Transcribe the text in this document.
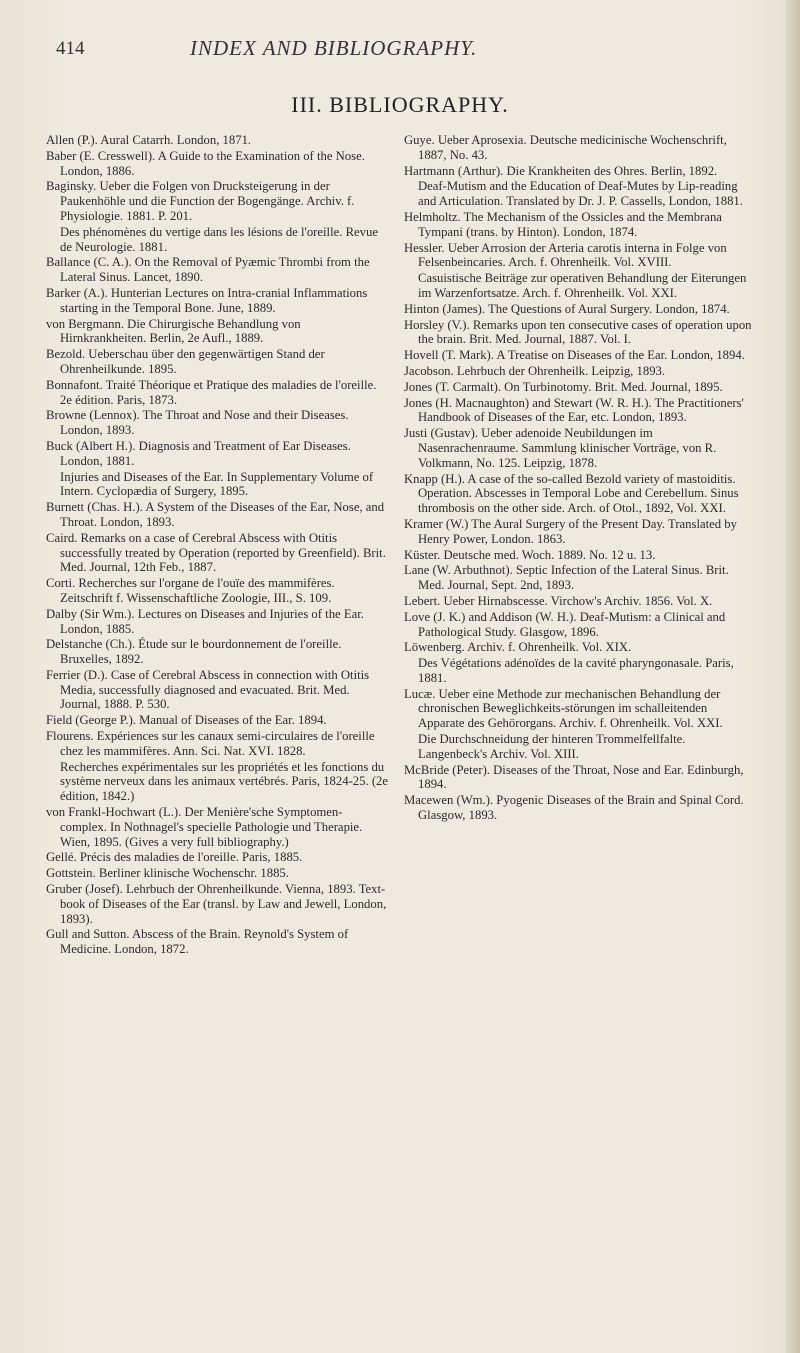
414	INDEX AND BIBLIOGRAPHY.
III. BIBLIOGRAPHY.
Allen (P.). Aural Catarrh. London, 1871.
Baber (E. Cresswell). A Guide to the Examination of the Nose. London, 1886.
Baginsky. Ueber die Folgen von Drucksteigerung in der Paukenhöhle und die Function der Bogengänge. Archiv. f. Physiologie. 1881. P. 201.
Des phénomènes du vertige dans les lésions de l'oreille. Revue de Neurologie. 1881.
Ballance (C. A.). On the Removal of Pyæmic Thrombi from the Lateral Sinus. Lancet, 1890.
Barker (A.). Hunterian Lectures on Intra-cranial Inflammations starting in the Temporal Bone. June, 1889.
von Bergmann. Die Chirurgische Behandlung von Hirnkrankheiten. Berlin, 2e Aufl., 1889.
Bezold. Ueberschau über den gegenwärtigen Stand der Ohrenheilkunde. 1895.
Bonnafont. Traité Théorique et Pratique des maladies de l'oreille. 2e édition. Paris, 1873.
Browne (Lennox). The Throat and Nose and their Diseases. London, 1893.
Buck (Albert H.). Diagnosis and Treatment of Ear Diseases. London, 1881.
Injuries and Diseases of the Ear. In Supplementary Volume of Intern. Cyclopædia of Surgery, 1895.
Burnett (Chas. H.). A System of the Diseases of the Ear, Nose, and Throat. London, 1893.
Caird. Remarks on a case of Cerebral Abscess with Otitis successfully treated by Operation (reported by Greenfield). Brit. Med. Journal, 12th Feb., 1887.
Corti. Recherches sur l'organe de l'ouïe des mammifères. Zeitschrift f. Wissenschaftliche Zoologie, III., S. 109.
Dalby (Sir Wm.). Lectures on Diseases and Injuries of the Ear. London, 1885.
Delstanche (Ch.). Étude sur le bourdonnement de l'oreille. Bruxelles, 1892.
Ferrier (D.). Case of Cerebral Abscess in connection with Otitis Media, successfully diagnosed and evacuated. Brit. Med. Journal, 1888. P. 530.
Field (George P.). Manual of Diseases of the Ear. 1894.
Flourens. Expériences sur les canaux semi-circulaires de l'oreille chez les mammifères. Ann. Sci. Nat. XVI. 1828.
Recherches expérimentales sur les propriétés et les fonctions du système nerveux dans les animaux vertébrés. Paris, 1824-25. (2e édition, 1842.)
von Frankl-Hochwart (L.). Der Menière'sche Symptomen-complex. In Nothnagel's specielle Pathologie und Therapie. Wien, 1895. (Gives a very full bibliography.)
Gellé. Précis des maladies de l'oreille. Paris, 1885.
Gottstein. Berliner klinische Wochenschr. 1885.
Gruber (Josef). Lehrbuch der Ohrenheilkunde. Vienna, 1893. Text-book of Diseases of the Ear (transl. by Law and Jewell, London, 1893).
Gull and Sutton. Abscess of the Brain. Reynold's System of Medicine. London, 1872.
Guye. Ueber Aprosexia. Deutsche medicinische Wochenschrift, 1887, No. 43.
Hartmann (Arthur). Die Krankheiten des Ohres. Berlin, 1892.
Deaf-Mutism and the Education of Deaf-Mutes by Lip-reading and Articulation. Translated by Dr. J. P. Cassells, London, 1881.
Helmholtz. The Mechanism of the Ossicles and the Membrana Tympani (trans. by Hinton). London, 1874.
Hessler. Ueber Arrosion der Arteria carotis interna in Folge von Felsenbeincaries. Arch. f. Ohrenheilk. Vol. XVIII.
Casuistische Beiträge zur operativen Behandlung der Eiterungen im Warzenfortsatze. Arch. f. Ohrenheilk. Vol. XXI.
Hinton (James). The Questions of Aural Surgery. London, 1874.
Horsley (V.). Remarks upon ten consecutive cases of operation upon the brain. Brit. Med. Journal, 1887. Vol. I.
Hovell (T. Mark). A Treatise on Diseases of the Ear. London, 1894.
Jacobson. Lehrbuch der Ohrenheilk. Leipzig, 1893.
Jones (T. Carmalt). On Turbinotomy. Brit. Med. Journal, 1895.
Jones (H. Macnaughton) and Stewart (W. R. H.). The Practitioners' Handbook of Diseases of the Ear, etc. London, 1893.
Justi (Gustav). Ueber adenoide Neubildungen im Nasenrachenraume. Sammlung klinischer Vorträge, von R. Volkmann, No. 125. Leipzig, 1878.
Knapp (H.). A case of the so-called Bezold variety of mastoiditis. Operation. Abscesses in Temporal Lobe and Cerebellum. Sinus thrombosis on the other side. Arch. of Otol., 1892, Vol. XXI.
Kramer (W.) The Aural Surgery of the Present Day. Translated by Henry Power, London. 1863.
Küster. Deutsche med. Woch. 1889. No. 12 u. 13.
Lane (W. Arbuthnot). Septic Infection of the Lateral Sinus. Brit. Med. Journal, Sept. 2nd, 1893.
Lebert. Ueber Hirnabscesse. Virchow's Archiv. 1856. Vol. X.
Love (J. K.) and Addison (W. H.). Deaf-Mutism: a Clinical and Pathological Study. Glasgow, 1896.
Löwenberg. Archiv. f. Ohrenheilk. Vol. XIX.
Des Végétations adénoïdes de la cavité pharyngonasale. Paris, 1881.
Lucæ. Ueber eine Methode zur mechanischen Behandlung der chronischen Beweglichkeits-störungen im schalleitenden Apparate des Gehörorgans. Archiv. f. Ohrenheilk. Vol. XXI.
Die Durchschneidung der hinteren Trommelfellfalte. Langenbeck's Archiv. Vol. XIII.
McBride (Peter). Diseases of the Throat, Nose and Ear. Edinburgh, 1894.
Macewen (Wm.). Pyogenic Diseases of the Brain and Spinal Cord. Glasgow, 1893.
